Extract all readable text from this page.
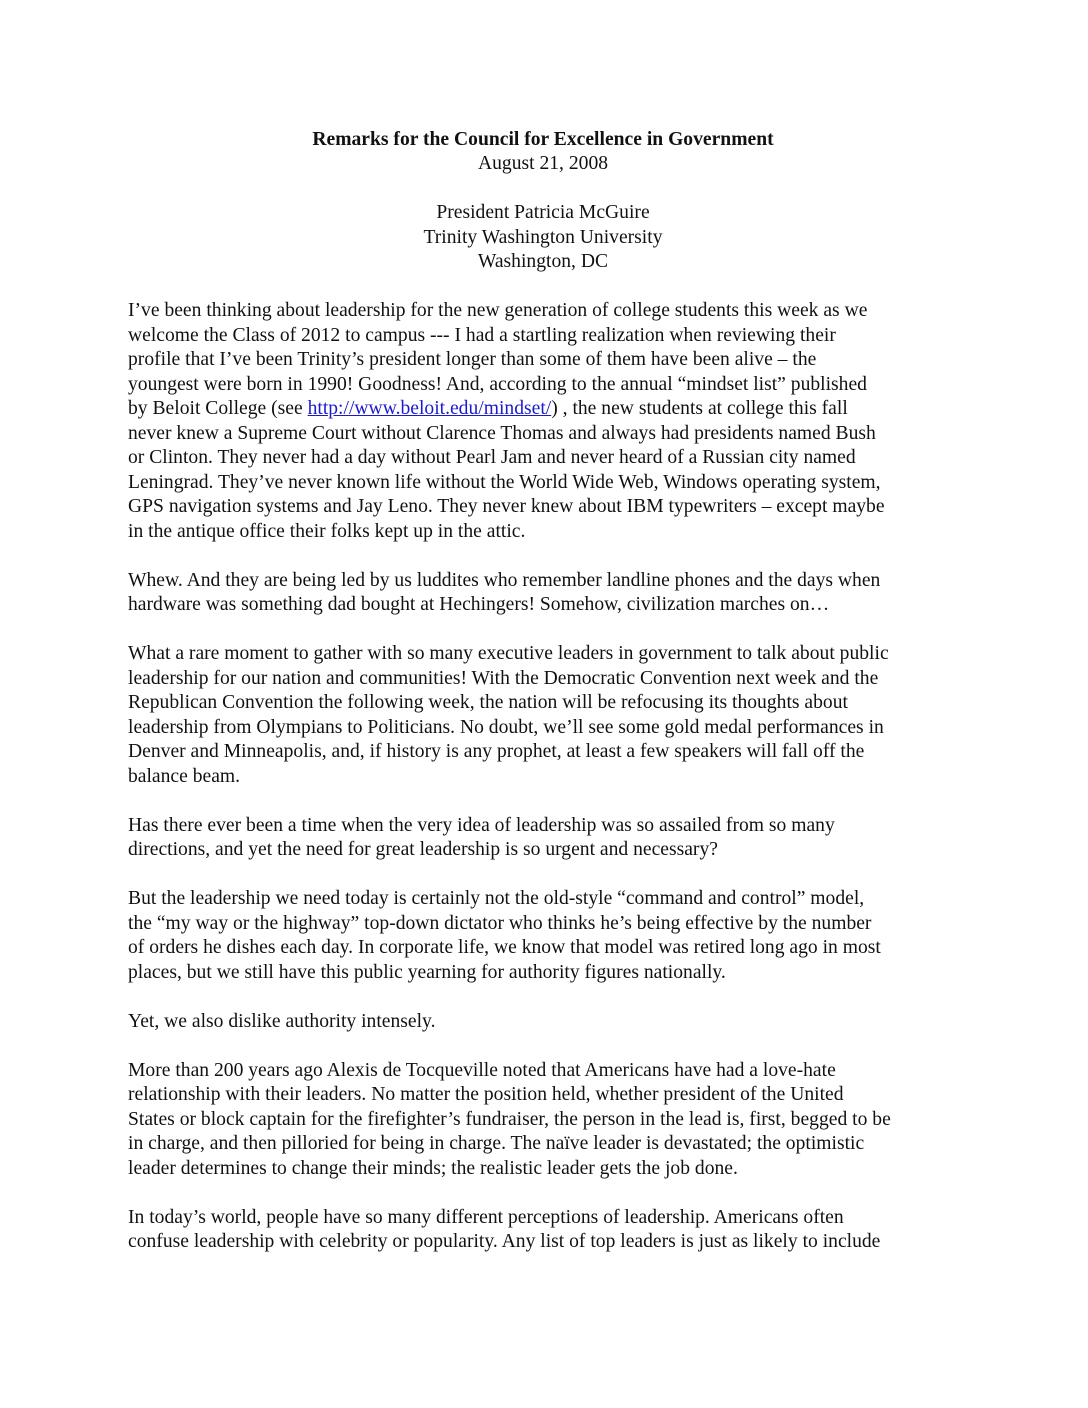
Remarks for the Council for Excellence in Government
August 21, 2008
President Patricia McGuire
Trinity Washington University
Washington, DC

I’ve been thinking about leadership for the new generation of college students this week as we
welcome the Class of 2012 to campus --- I had a startling realization when reviewing their
profile that I’ve been Trinity’s president longer than some of them have been alive – the
youngest were born in 1990! Goodness! And, according to the annual “mindset list” published
by Beloit College (see http://www.beloit.edu/mindset/) , the new students at college this fall
never knew a Supreme Court without Clarence Thomas and always had presidents named Bush
or Clinton. They never had a day without Pearl Jam and never heard of a Russian city named
Leningrad. They’ve never known life without the World Wide Web, Windows operating system,
GPS navigation systems and Jay Leno. They never knew about IBM typewriters – except maybe
in the antique office their folks kept up in the attic.

Whew. And they are being led by us luddites who remember landline phones and the days when
hardware was something dad bought at Hechingers! Somehow, civilization marches on…

What a rare moment to gather with so many executive leaders in government to talk about public
leadership for our nation and communities! With the Democratic Convention next week and the
Republican Convention the following week, the nation will be refocusing its thoughts about
leadership from Olympians to Politicians. No doubt, we’ll see some gold medal performances in
Denver and Minneapolis, and, if history is any prophet, at least a few speakers will fall off the
balance beam.

Has there ever been a time when the very idea of leadership was so assailed from so many
directions, and yet the need for great leadership is so urgent and necessary?

But the leadership we need today is certainly not the old-style “command and control” model,
the “my way or the highway” top-down dictator who thinks he’s being effective by the number
of orders he dishes each day. In corporate life, we know that model was retired long ago in most
places, but we still have this public yearning for authority figures nationally.

Yet, we also dislike authority intensely.

More than 200 years ago Alexis de Tocqueville noted that Americans have had a love-hate
relationship with their leaders. No matter the position held, whether president of the United
States or block captain for the firefighter’s fundraiser, the person in the lead is, first, begged to be
in charge, and then pilloried for being in charge. The naïve leader is devastated; the optimistic
leader determines to change their minds; the realistic leader gets the job done.

In today’s world, people have so many different perceptions of leadership. Americans often
confuse leadership with celebrity or popularity. Any list of top leaders is just as likely to include
